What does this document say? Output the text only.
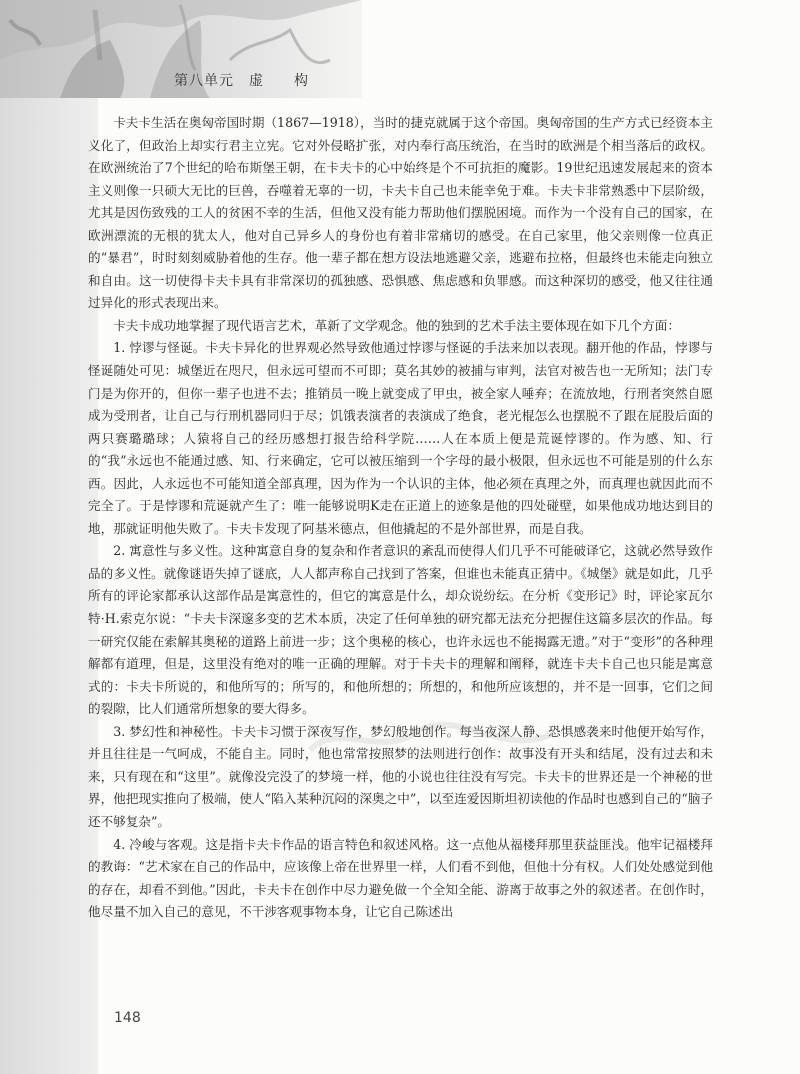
第八单元　虚　　构

卡夫卡生活在奥匈帝国时期（1867—1918），当时的捷克就属于这个帝国。奥匈帝国的生产方式已经资本主义化了，但政治上却实行君主立宪。它对外侵略扩张，对内奉行高压统治，在当时的欧洲是个相当落后的政权。在欧洲统治了7个世纪的哈布斯堡王朝，在卡夫卡的心中始终是个不可抗拒的魔影。19世纪迅速发展起来的资本主义则像一只硕大无比的巨兽，吞噬着无辜的一切，卡夫卡自己也未能幸免于难。卡夫卡非常熟悉中下层阶级，尤其是因伤致残的工人的贫困不幸的生活，但他又没有能力帮助他们摆脱困境。而作为一个没有自己的国家，在欧洲漂流的无根的犹太人，他对自己异乡人的身份也有着非常痛切的感受。在自己家里，他父亲则像一位真正的“暴君”，时时刻刻威胁着他的生存。他一辈子都在想方设法地逃避父亲，逃避布拉格，但最终也未能走向独立和自由。这一切使得卡夫卡具有非常深切的孤独感、恐惧感、焦虑感和负罪感。而这种深切的感受，他又往往通过异化的形式表现出来。

卡夫卡成功地掌握了现代语言艺术，革新了文学观念。他的独到的艺术手法主要体现在如下几个方面：

1. 悖谬与怪诞。卡夫卡异化的世界观必然导致他通过悖谬与怪诞的手法来加以表现。翻开他的作品，悖谬与怪诞随处可见：城堡近在咫尺，但永远可望而不可即；莫名其妙的被捕与审判，法官对被告也一无所知；法门专门是为你开的，但你一辈子也进不去；推销员一晚上就变成了甲虫，被全家人唾弃；在流放地，行刑者突然自愿成为受刑者，让自己与行刑机器同归于尽；饥饿表演者的表演成了绝食，老光棍怎么也摆脱不了跟在屁股后面的两只赛璐璐球；人猿将自己的经历感想打报告给科学院……人在本质上便是荒诞悖谬的。作为感、知、行的“我”永远也不能通过感、知、行来确定，它可以被压缩到一个字母的最小极限，但永远也不可能是别的什么东西。因此，人永远也不可能知道全部真理，因为作为一个认识的主体，他必须在真理之外，而真理也就因此而不完全了。于是悖谬和荒诞就产生了：唯一能够说明K走在正道上的迹象是他的四处碰壁，如果他成功地达到目的地，那就证明他失败了。卡夫卡发现了阿基米德点，但他撬起的不是外部世界，而是自我。

2. 寓意性与多义性。这种寓意自身的复杂和作者意识的紊乱而使得人们几乎不可能破译它，这就必然导致作品的多义性。就像谜语失掉了谜底，人人都声称自己找到了答案，但谁也未能真正猜中。《城堡》就是如此，几乎所有的评论家都承认这部作品是寓意性的，但它的寓意是什么，却众说纷纭。在分析《变形记》时，评论家瓦尔特·H.索克尔说：“卡夫卡深邃多变的艺术本质，决定了任何单独的研究都无法充分把握住这篇多层次的作品。每一研究仅能在索解其奥秘的道路上前进一步；这个奥秘的核心，也许永远也不能揭露无遗。”对于“变形”的各种理解都有道理，但是，这里没有绝对的唯一正确的理解。对于卡夫卡的理解和阐释，就连卡夫卡自己也只能是寓意式的：卡夫卡所说的，和他所写的；所写的，和他所想的；所想的，和他所应该想的，并不是一回事，它们之间的裂隙，比人们通常所想象的要大得多。

3. 梦幻性和神秘性。卡夫卡习惯于深夜写作，梦幻般地创作。每当夜深人静、恐惧感袭来时他便开始写作，并且往往是一气呵成，不能自主。同时，他也常常按照梦的法则进行创作：故事没有开头和结尾，没有过去和未来，只有现在和“这里”。就像没完没了的梦境一样，他的小说也往往没有写完。卡夫卡的世界还是一个神秘的世界，他把现实推向了极端，使人“陷入某种沉闷的深奥之中”，以至连爱因斯坦初读他的作品时也感到自己的“脑子还不够复杂”。

4. 冷峻与客观。这是指卡夫卡作品的语言特色和叙述风格。这一点他从福楼拜那里获益匪浅。他牢记福楼拜的教诲：“艺术家在自己的作品中，应该像上帝在世界里一样，人们看不到他，但他十分有权。人们处处感觉到他的存在，却看不到他。”因此，卡夫卡在创作中尽力避免做一个全知全能、游离于故事之外的叙述者。在创作时，他尽量不加入自己的意见，不干涉客观事物本身，让它自己陈述出

148
